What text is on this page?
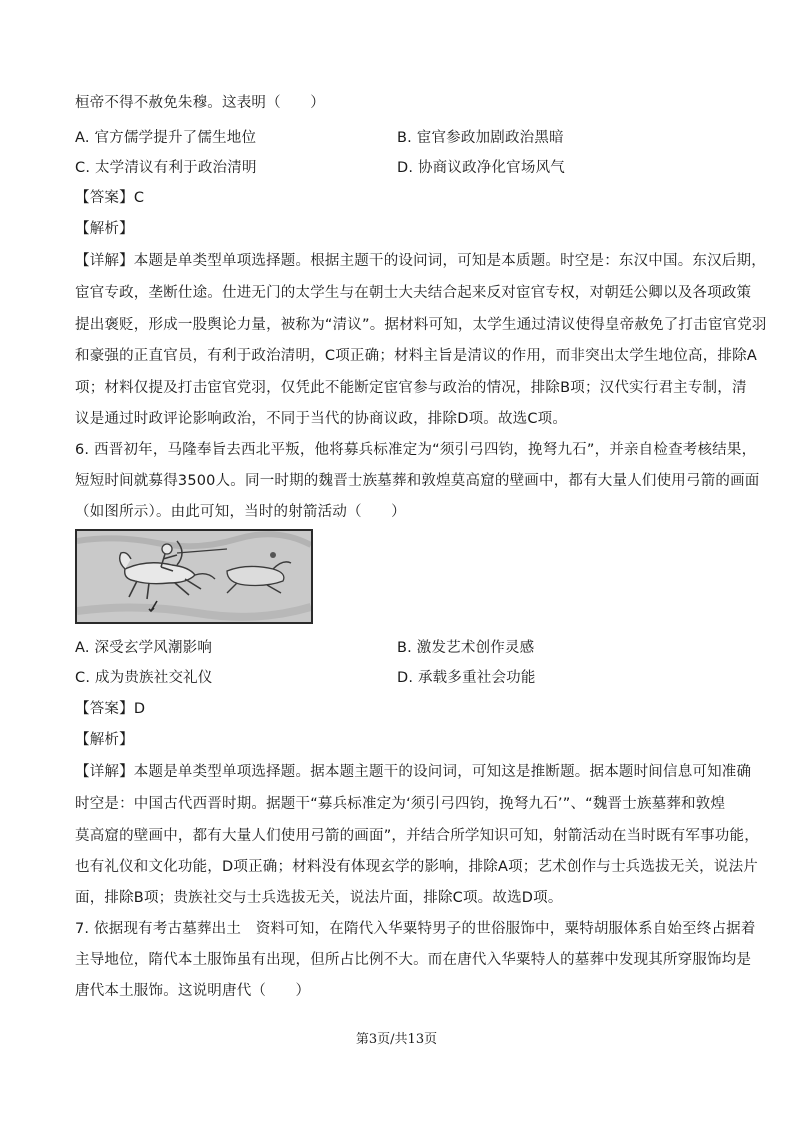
桓帝不得不赦免朱穆。这表明（　　）
A. 官方儒学提升了儒生地位	B. 宦官参政加剧政治黑暗
C. 太学清议有利于政治清明	D. 协商议政净化官场风气
【答案】C
【解析】
【详解】本题是单类型单项选择题。根据主题干的设问词，可知是本质题。时空是：东汉中国。东汉后期，
宦官专政，垄断仕途。仕进无门的太学生与在朝士大夫结合起来反对宦官专权，对朝廷公卿以及各项政策
提出褒贬，形成一股舆论力量，被称为“清议”。据材料可知，太学生通过清议使得皇帝赦免了打击宦官党羽
和豪强的正直官员，有利于政治清明，C项正确；材料主旨是清议的作用，而非突出太学生地位高，排除A
项；材料仅提及打击宦官党羽，仅凭此不能断定宦官参与政治的情况，排除B项；汉代实行君主专制，清
议是通过时政评论影响政治，不同于当代的协商议政，排除D项。故选C项。
6. 西晋初年，马隆奉旨去西北平叛，他将募兵标准定为“须引弓四钧，挽弩九石”，并亲自检查考核结果，
短短时间就募得3500人。同一时期的魏晋士族墓葬和敦煌莫高窟的壁画中，都有大量人们使用弓箭的画面
（如图所示）。由此可知，当时的射箭活动（　　）
A. 深受玄学风潮影响	B. 激发艺术创作灵感
C. 成为贵族社交礼仪	D. 承载多重社会功能
【答案】D
【解析】
【详解】本题是单类型单项选择题。据本题主题干的设问词，可知这是推断题。据本题时间信息可知准确
时空是：中国古代西晋时期。据题干“募兵标准定为‘须引弓四钧，挽弩九石’”、“魏晋士族墓葬和敦煌
莫高窟的壁画中，都有大量人们使用弓箭的画面”，并结合所学知识可知，射箭活动在当时既有军事功能，
也有礼仪和文化功能，D项正确；材料没有体现玄学的影响，排除A项；艺术创作与士兵选拔无关，说法片
面，排除B项；贵族社交与士兵选拔无关，说法片面，排除C项。故选D项。
7. 依据现有考古墓葬出土　资料可知，在隋代入华粟特男子的世俗服饰中，粟特胡服体系自始至终占据着
主导地位，隋代本土服饰虽有出现，但所占比例不大。而在唐代入华粟特人的墓葬中发现其所穿服饰均是
唐代本土服饰。这说明唐代（　　）
第3页/共13页
